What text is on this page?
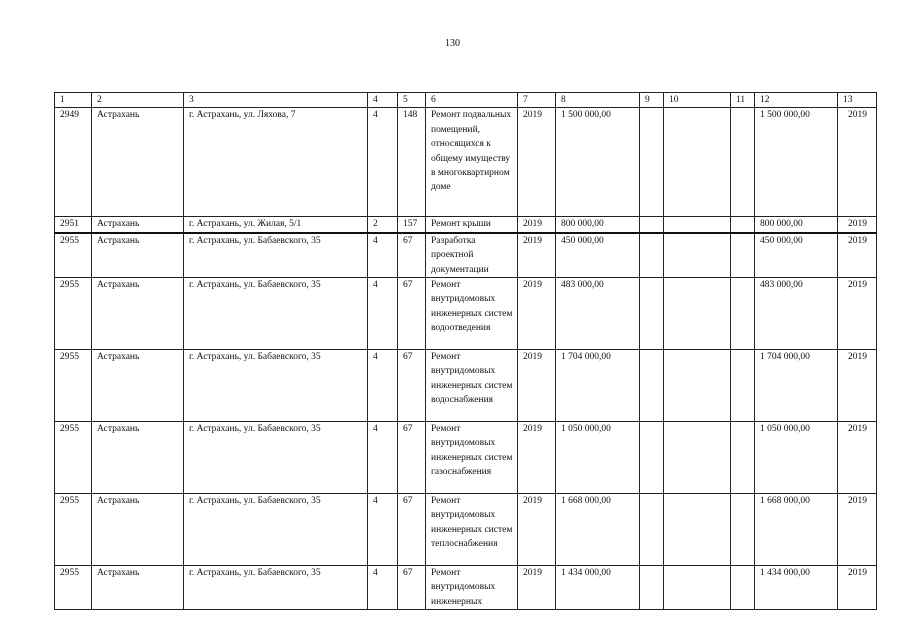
130
1	2	3	4	5	6	7	8	9	10	11	12	13
2949	Астрахань	г. Астрахань, ул. Ляхова, 7	4	148	Ремонт подвальных помещений, относящихся к общему имуществу в многоквартирном доме	2019	1 500 000,00				1 500 000,00	2019
2951	Астрахань	г. Астрахань, ул. Жилая, 5/1	2	157	Ремонт крыши	2019	800 000,00				800 000,00	2019
2955	Астрахань	г. Астрахань, ул. Бабаевского, 35	4	67	Разработка проектной документации	2019	450 000,00				450 000,00	2019
2955	Астрахань	г. Астрахань, ул. Бабаевского, 35	4	67	Ремонт внутридомовых инженерных систем водоотведения	2019	483 000,00				483 000,00	2019
2955	Астрахань	г. Астрахань, ул. Бабаевского, 35	4	67	Ремонт внутридомовых инженерных систем водоснабжения	2019	1 704 000,00				1 704 000,00	2019
2955	Астрахань	г. Астрахань, ул. Бабаевского, 35	4	67	Ремонт внутридомовых инженерных систем газоснабжения	2019	1 050 000,00				1 050 000,00	2019
2955	Астрахань	г. Астрахань, ул. Бабаевского, 35	4	67	Ремонт внутридомовых инженерных систем теплоснабжения	2019	1 668 000,00				1 668 000,00	2019
2955	Астрахань	г. Астрахань, ул. Бабаевского, 35	4	67	Ремонт внутридомовых инженерных	2019	1 434 000,00				1 434 000,00	2019
